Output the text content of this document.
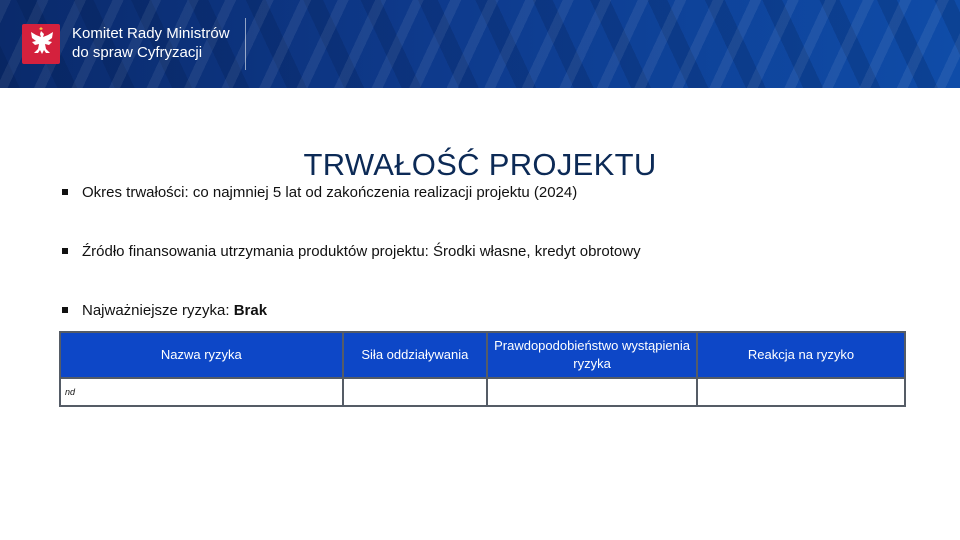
Komitet Rady Ministrów
do spraw Cyfryzacji
TRWAŁOŚĆ PROJEKTU
Okres trwałości: co najmniej 5 lat od zakończenia realizacji projektu (2024)
Źródło finansowania utrzymania produktów projektu: Środki własne, kredyt obrotowy
Najważniejsze ryzyka: Brak
Nazwa ryzyka	Siła oddziaływania	Prawdopodobieństwo wystąpienia ryzyka	Reakcja na ryzyko
nd			
